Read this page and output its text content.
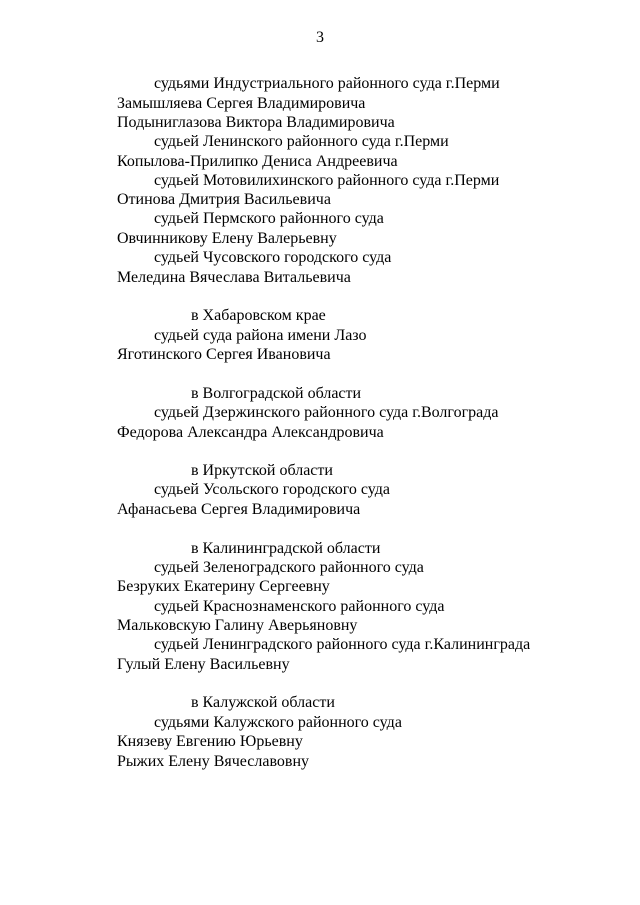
3
судьями Индустриального районного суда г.Перми
Замышляева Сергея Владимировича
Подыниглазова Виктора Владимировича
судьей Ленинского районного суда г.Перми
Копылова-Прилипко Дениса Андреевича
судьей Мотовилихинского районного суда г.Перми
Отинова Дмитрия Васильевича
судьей Пермского районного суда
Овчинникову Елену Валерьевну
судьей Чусовского городского суда
Меледина Вячеслава Витальевича
в Хабаровском крае
судьей суда района имени Лазо
Яготинского Сергея Ивановича
в Волгоградской области
судьей Дзержинского районного суда г.Волгограда
Федорова Александра Александровича
в Иркутской области
судьей Усольского городского суда
Афанасьева Сергея Владимировича
в Калининградской области
судьей Зеленоградского районного суда
Безруких Екатерину Сергеевну
судьей Краснознаменского районного суда
Мальковскую Галину Аверьяновну
судьей Ленинградского районного суда г.Калининграда
Гулый Елену Васильевну
в Калужской области
судьями Калужского районного суда
Князеву Евгению Юрьевну
Рыжих Елену Вячеславовну
